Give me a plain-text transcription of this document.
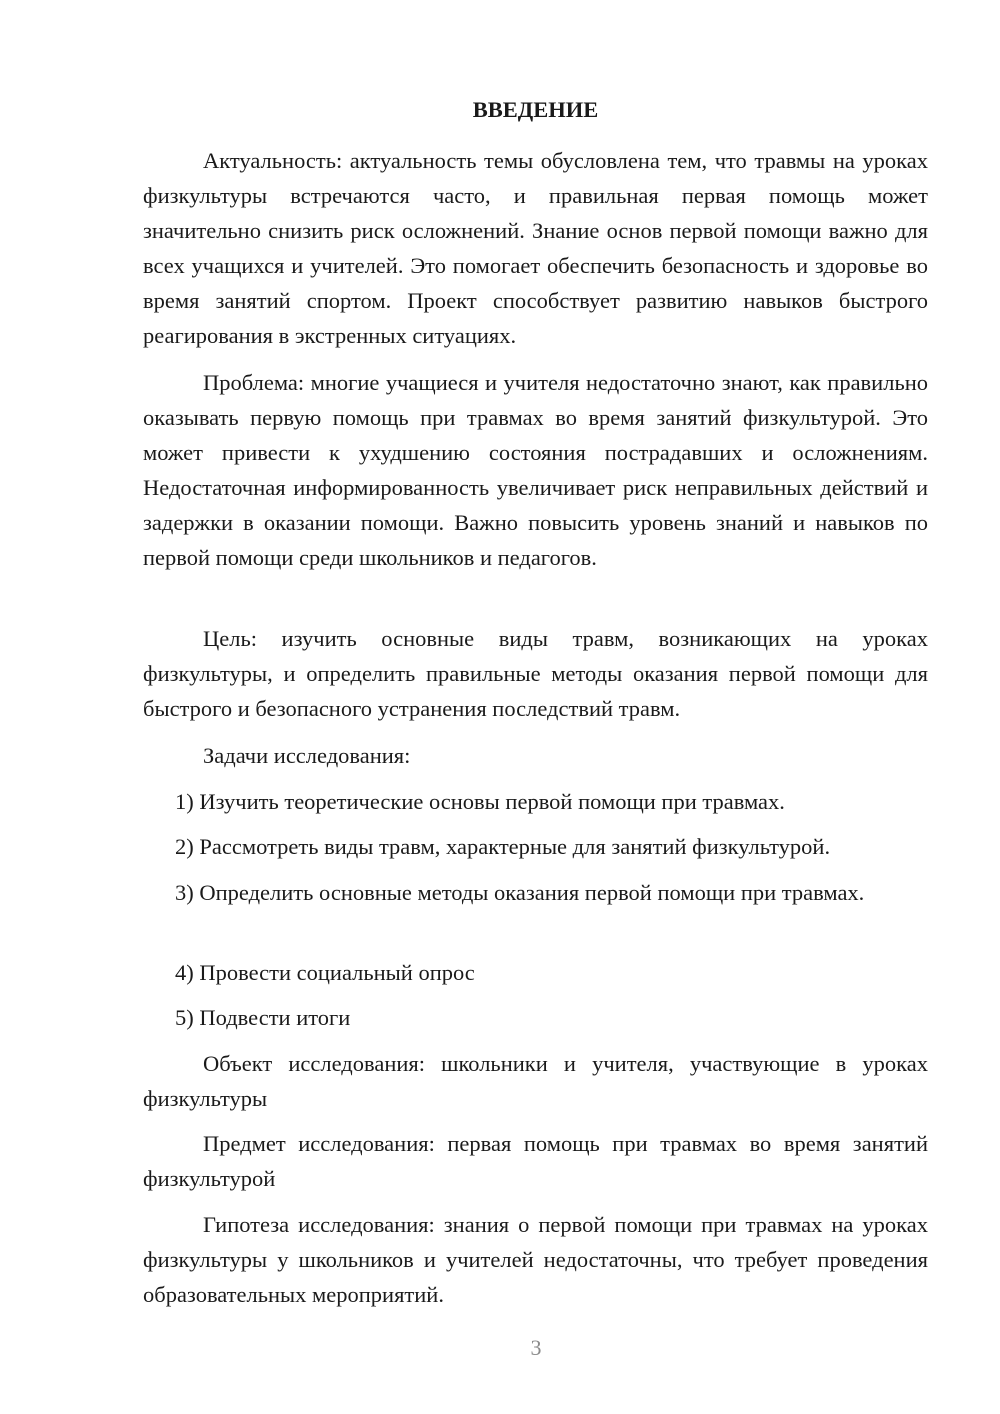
ВВЕДЕНИЕ

Актуальность: актуальность темы обусловлена тем, что травмы на уроках физкультуры встречаются часто, и правильная первая помощь может значительно снизить риск осложнений. Знание основ первой помощи важно для всех учащихся и учителей. Это помогает обеспечить безопасность и здоровье во время занятий спортом. Проект способствует развитию навыков быстрого реагирования в экстренных ситуациях.

Проблема: многие учащиеся и учителя недостаточно знают, как правильно оказывать первую помощь при травмах во время занятий физкультурой. Это может привести к ухудшению состояния пострадавших и осложнениям. Недостаточная информированность увеличивает риск неправильных действий и задержки в оказании помощи. Важно повысить уровень знаний и навыков по первой помощи среди школьников и педагогов.

Цель: изучить основные виды травм, возникающих на уроках физкультуры, и определить правильные методы оказания первой помощи для быстрого и безопасного устранения последствий травм.

Задачи исследования:

1) Изучить теоретические основы первой помощи при травмах.

2) Рассмотреть виды травм, характерные для занятий физкультурой.

3) Определить основные методы оказания первой помощи при травмах.

4) Провести социальный опрос

5) Подвести итоги

Объект исследования: школьники и учителя, участвующие в уроках физкультуры

Предмет исследования: первая помощь при травмах во время занятий физкультурой

Гипотеза исследования: знания о первой помощи при травмах на уроках физкультуры у школьников и учителей недостаточны, что требует проведения образовательных мероприятий.

3
